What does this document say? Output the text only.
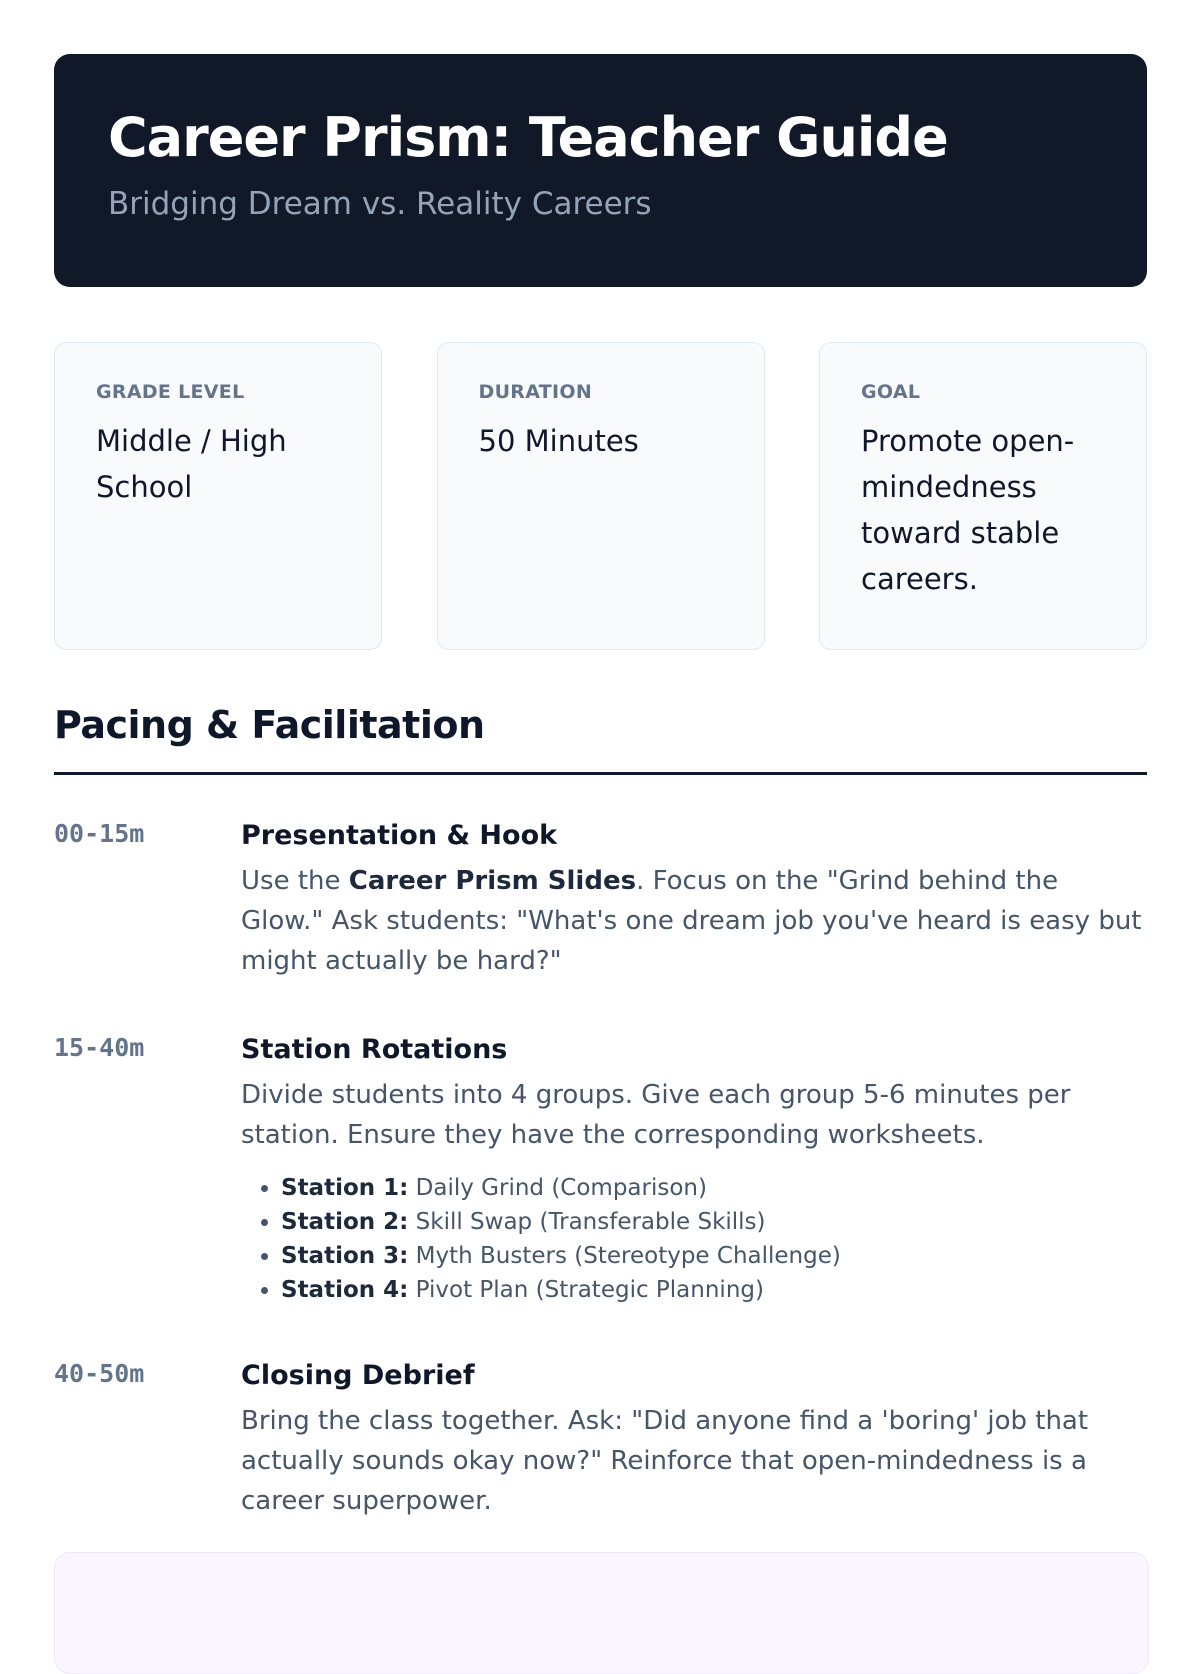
Career Prism: Teacher Guide
Bridging Dream vs. Reality Careers
GRADE LEVEL
Middle / High School
DURATION
50 Minutes
GOAL
Promote open-mindedness toward stable careers.
Pacing & Facilitation
00-15m	Presentation & Hook
Use the Career Prism Slides. Focus on the "Grind behind the Glow." Ask students: "What's one dream job you've heard is easy but might actually be hard?"
15-40m	Station Rotations
Divide students into 4 groups. Give each group 5-6 minutes per station. Ensure they have the corresponding worksheets.
• Station 1: Daily Grind (Comparison)
• Station 2: Skill Swap (Transferable Skills)
• Station 3: Myth Busters (Stereotype Challenge)
• Station 4: Pivot Plan (Strategic Planning)
40-50m	Closing Debrief
Bring the class together. Ask: "Did anyone find a 'boring' job that actually sounds okay now?" Reinforce that open-mindedness is a career superpower.
